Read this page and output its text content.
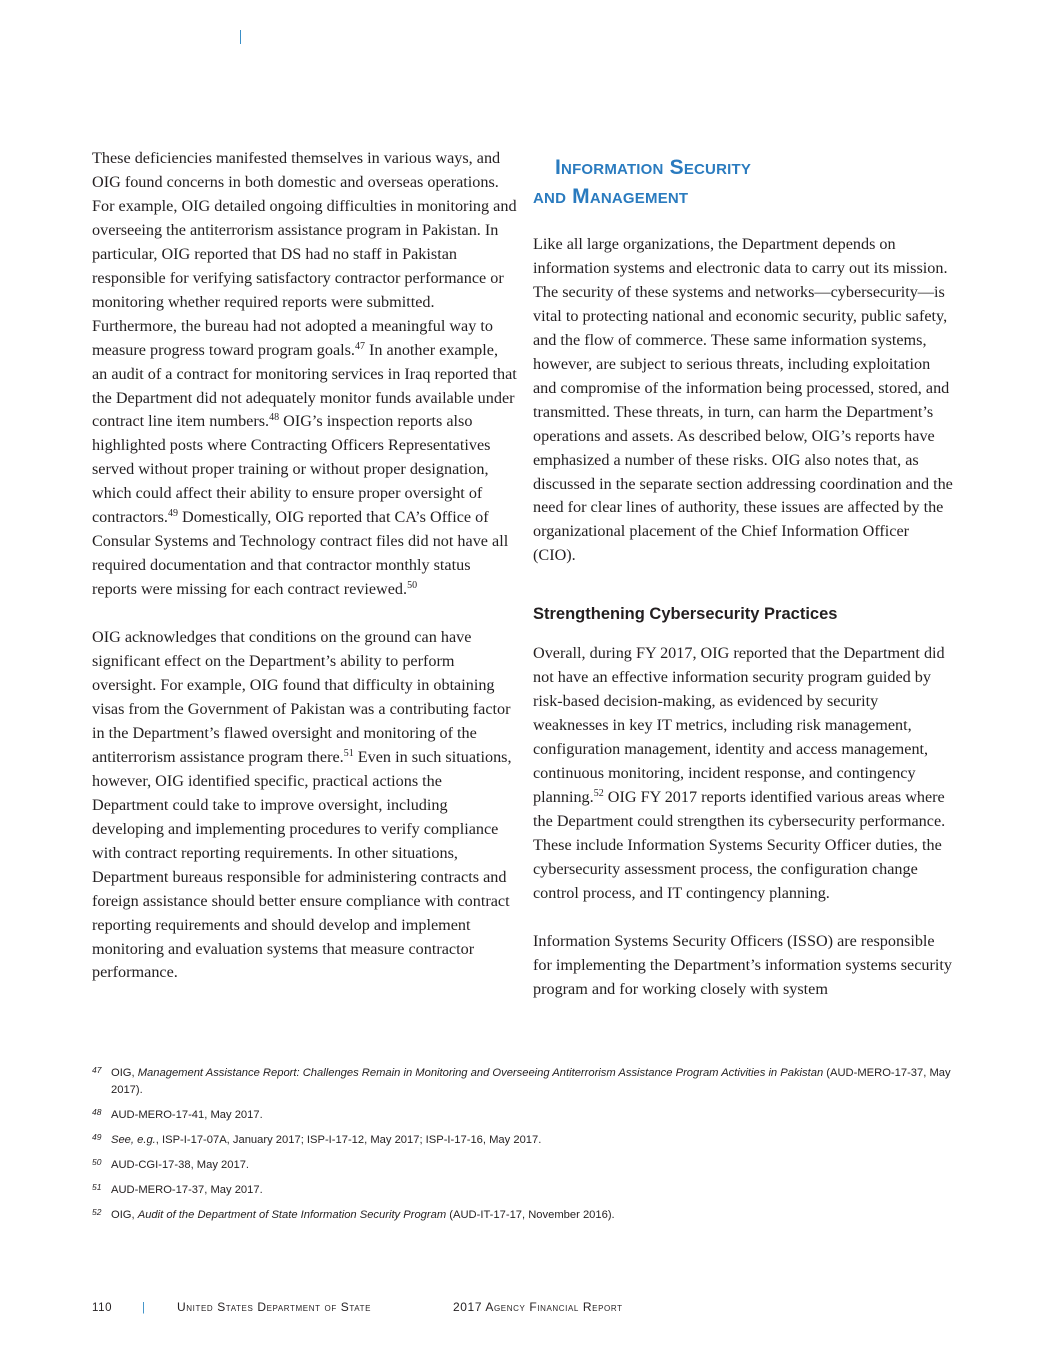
These deficiencies manifested themselves in various ways, and OIG found concerns in both domestic and overseas operations. For example, OIG detailed ongoing difficulties in monitoring and overseeing the antiterrorism assistance program in Pakistan. In particular, OIG reported that DS had no staff in Pakistan responsible for verifying satisfactory contractor performance or monitoring whether required reports were submitted. Furthermore, the bureau had not adopted a meaningful way to measure progress toward program goals.$^{47}$ In another example, an audit of a contract for monitoring services in Iraq reported that the Department did not adequately monitor funds available under contract line item numbers.$^{48}$ OIG’s inspection reports also highlighted posts where Contracting Officers Representatives served without proper training or without proper designation, which could affect their ability to ensure proper oversight of contractors.$^{49}$ Domestically, OIG reported that CA’s Office of Consular Systems and Technology contract files did not have all required documentation and that contractor monthly status reports were missing for each contract reviewed.$^{50}$

OIG acknowledges that conditions on the ground can have significant effect on the Department’s ability to perform oversight. For example, OIG found that difficulty in obtaining visas from the Government of Pakistan was a contributing factor in the Department’s flawed oversight and monitoring of the antiterrorism assistance program there.$^{51}$ Even in such situations, however, OIG identified specific, practical actions the Department could take to improve oversight, including developing and implementing procedures to verify compliance with contract reporting requirements. In other situations, Department bureaus responsible for administering contracts and foreign assistance should better ensure compliance with contract reporting requirements and should develop and implement monitoring and evaluation systems that measure contractor performance.

Information Security
and Management

Like all large organizations, the Department depends on information systems and electronic data to carry out its mission. The security of these systems and networks—cybersecurity—is vital to protecting national and economic security, public safety, and the flow of commerce. These same information systems, however, are subject to serious threats, including exploitation and compromise of the information being processed, stored, and transmitted. These threats, in turn, can harm the Department’s operations and assets. As described below, OIG’s reports have emphasized a number of these risks. OIG also notes that, as discussed in the separate section addressing coordination and the need for clear lines of authority, these issues are affected by the organizational placement of the Chief Information Officer (CIO).

Strengthening Cybersecurity Practices

Overall, during FY 2017, OIG reported that the Department did not have an effective information security program guided by risk-based decision-making, as evidenced by security weaknesses in key IT metrics, including risk management, configuration management, identity and access management, continuous monitoring, incident response, and contingency planning.$^{52}$ OIG FY 2017 reports identified various areas where the Department could strengthen its cybersecurity performance. These include Information Systems Security Officer duties, the cybersecurity assessment process, the configuration change control process, and IT contingency planning.

Information Systems Security Officers (ISSO) are responsible for implementing the Department’s information systems security program and for working closely with system

47 OIG, Management Assistance Report: Challenges Remain in Monitoring and Overseeing Antiterrorism Assistance Program Activities in Pakistan (AUD-MERO-17-37, May 2017).
48 AUD-MERO-17-41, May 2017.
49 See, e.g., ISP-I-17-07A, January 2017; ISP-I-17-12, May 2017; ISP-I-17-16, May 2017.
50 AUD-CGI-17-38, May 2017.
51 AUD-MERO-17-37, May 2017.
52 OIG, Audit of the Department of State Information Security Program (AUD-IT-17-17, November 2016).
110	|	United States Department of State	2017 Agency Financial Report
